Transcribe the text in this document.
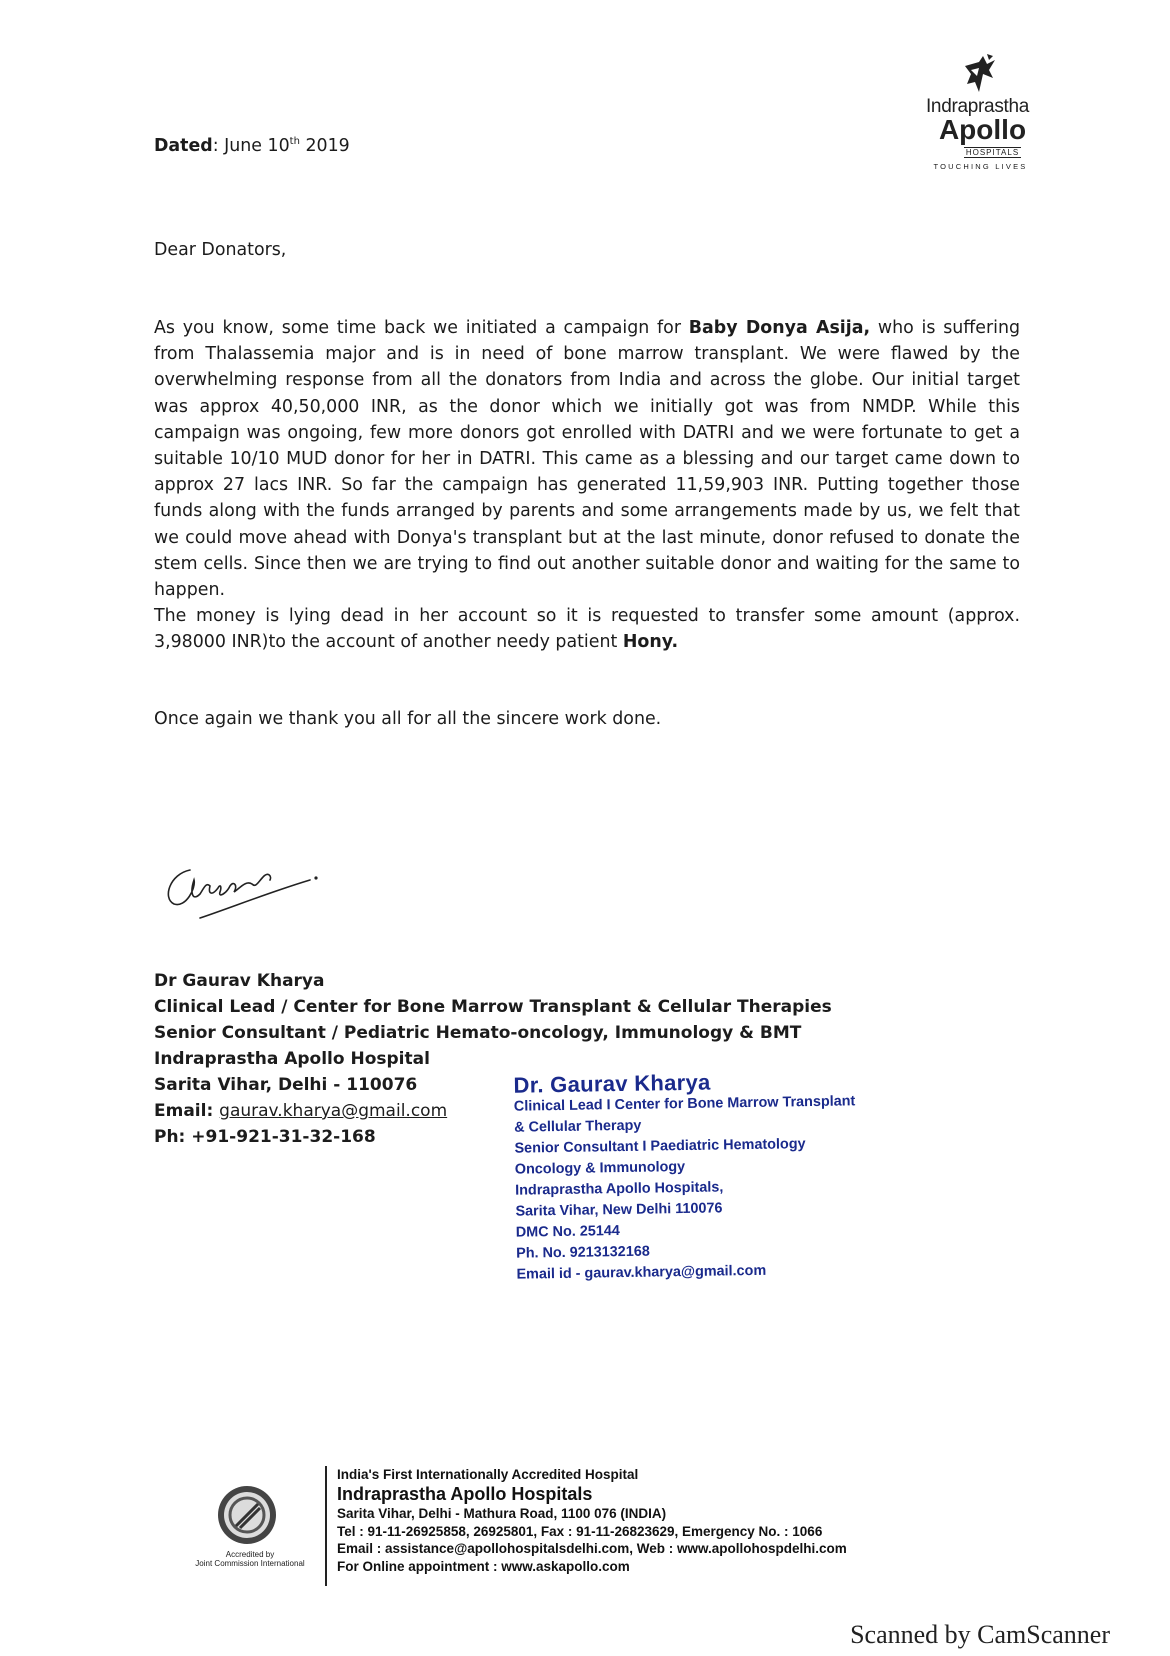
Dated: June 10th 2019
Indraprastha
Apollo
HOSPITALS
TOUCHING LIVES
Dear Donators,
As you know, some time back we initiated a campaign for Baby Donya Asija, who is suffering from Thalassemia major and is in need of bone marrow transplant. We were flawed by the overwhelming response from all the donators from India and across the globe. Our initial target was approx 40,50,000 INR, as the donor which we initially got was from NMDP. While this campaign was ongoing, few more donors got enrolled with DATRI and we were fortunate to get a suitable 10/10 MUD donor for her in DATRI. This came as a blessing and our target came down to approx 27 lacs INR. So far the campaign has generated 11,59,903 INR. Putting together those funds along with the funds arranged by parents and some arrangements made by us, we felt that we could move ahead with Donya's transplant but at the last minute, donor refused to donate the stem cells. Since then we are trying to find out another suitable donor and waiting for the same to happen.
The money is lying dead in her account so it is requested to transfer some amount (approx. 3,98000 INR)to the account of another needy patient Hony.
Once again we thank you all for all the sincere work done.
Dr Gaurav Kharya
Clinical Lead / Center for Bone Marrow Transplant & Cellular Therapies
Senior Consultant / Pediatric Hemato-oncology, Immunology & BMT
Indraprastha Apollo Hospital
Sarita Vihar, Delhi - 110076
Email: gaurav.kharya@gmail.com
Ph: +91-921-31-32-168
Dr. Gaurav Kharya
Clinical Lead I Center for Bone Marrow Transplant
& Cellular Therapy
Senior Consultant I Paediatric Hematology
Oncology & Immunology
Indraprastha Apollo Hospitals,
Sarita Vihar, New Delhi 110076
DMC No. 25144
Ph. No. 9213132168
Email id - gaurav.kharya@gmail.com
Accredited by
Joint Commission International
India's First Internationally Accredited Hospital
Indraprastha Apollo Hospitals
Sarita Vihar, Delhi - Mathura Road, 1100 076 (INDIA)
Tel : 91-11-26925858, 26925801, Fax : 91-11-26823629, Emergency No. : 1066
Email : assistance@apollohospitalsdelhi.com, Web : www.apollohospdelhi.com
For Online appointment : www.askapollo.com
Scanned by CamScanner
